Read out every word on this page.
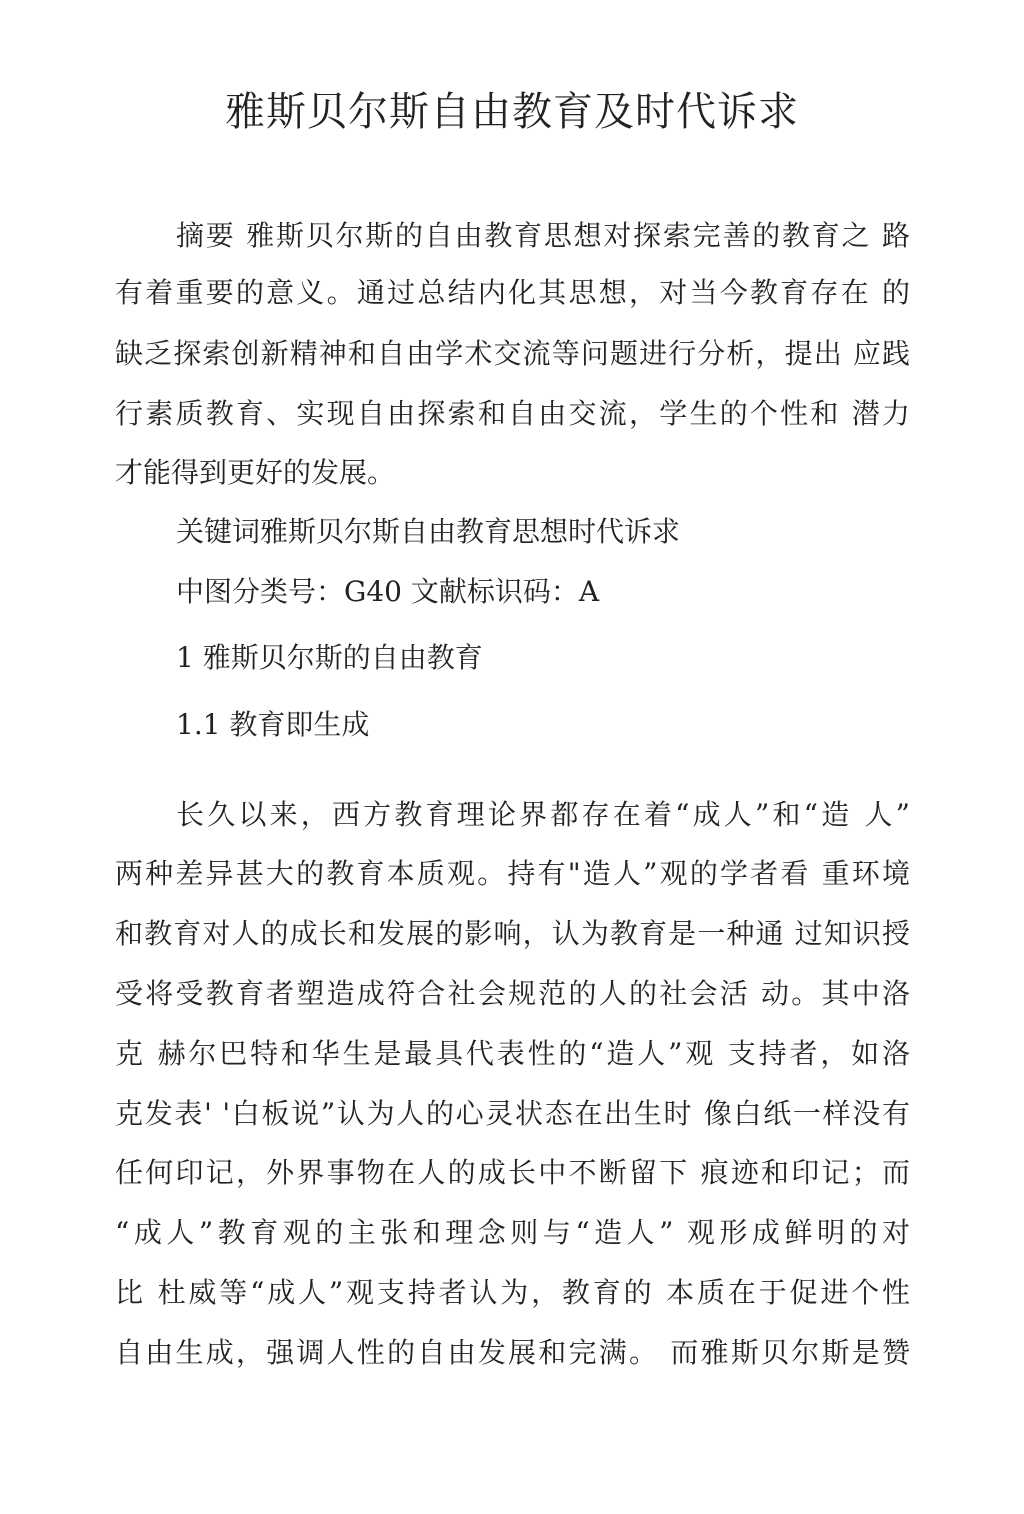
雅斯贝尔斯自由教育及时代诉求
摘要 雅斯贝尔斯的自由教育思想对探索完善的教育之 路
有着重要的意义。通过总结内化其思想，对当今教育存在 的
缺乏探索创新精神和自由学术交流等问题进行分析，提出 应践
行素质教育、实现自由探索和自由交流，学生的个性和 潜力
才能得到更好的发展。
关键词雅斯贝尔斯自由教育思想时代诉求
中图分类号：G40 文献标识码：A
1 雅斯贝尔斯的自由教育
1.1 教育即生成
长久以来，西方教育理论界都存在着“成人”和“造 人”
两种差异甚大的教育本质观。持有"造人”观的学者看 重环境
和教育对人的成长和发展的影响，认为教育是一种通 过知识授
受将受教育者塑造成符合社会规范的人的社会活 动。其中洛
克 赫尔巴特和华生是最具代表性的“造人”观 支持者，如洛
克发表' '白板说”认为人的心灵状态在出生时 像白纸一样没有
任何印记，外界事物在人的成长中不断留下 痕迹和印记；而
“成人”教育观的主张和理念则与“造人” 观形成鲜明的对
比 杜威等“成人”观支持者认为，教育的 本质在于促进个性
自由生成，强调人性的自由发展和完满。 而雅斯贝尔斯是赞
